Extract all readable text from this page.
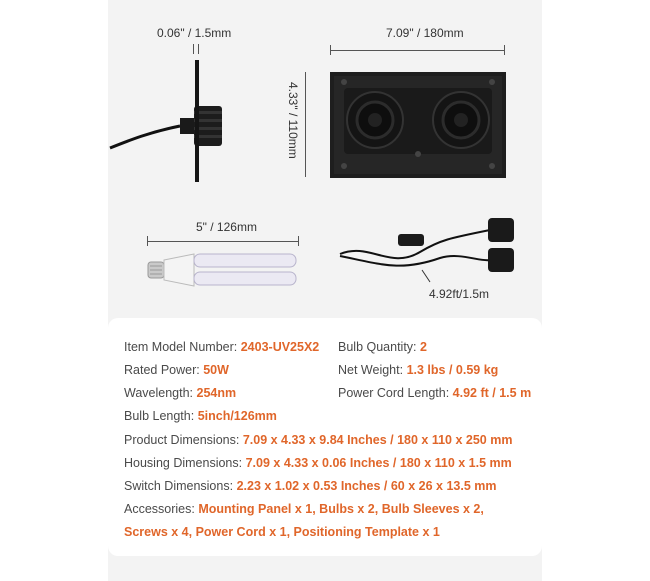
0.06" / 1.5mm	7.09" / 180mm
4.33" / 110mm
5" / 126mm
4.92ft/1.5m
Item Model Number: 2403-UV25X2 Bulb Quantity: 2
Rated Power: 50W	Net Weight: 1.3 lbs / 0.59 kg
Wavelength: 254nm	Power Cord Length: 4.92 ft / 1.5 m
Bulb Length: 5inch/126mm
Product Dimensions: 7.09 x 4.33 x 9.84 Inches / 180 x 110 x 250 mm
Housing Dimensions: 7.09 x 4.33 x 0.06 Inches / 180 x 110 x 1.5 mm
Switch Dimensions: 2.23 x 1.02 x 0.53 Inches / 60 x 26 x 13.5 mm
Accessories: Mounting Panel x 1, Bulbs x 2, Bulb Sleeves x 2,
Screws x 4, Power Cord x 1, Positioning Template x 1
